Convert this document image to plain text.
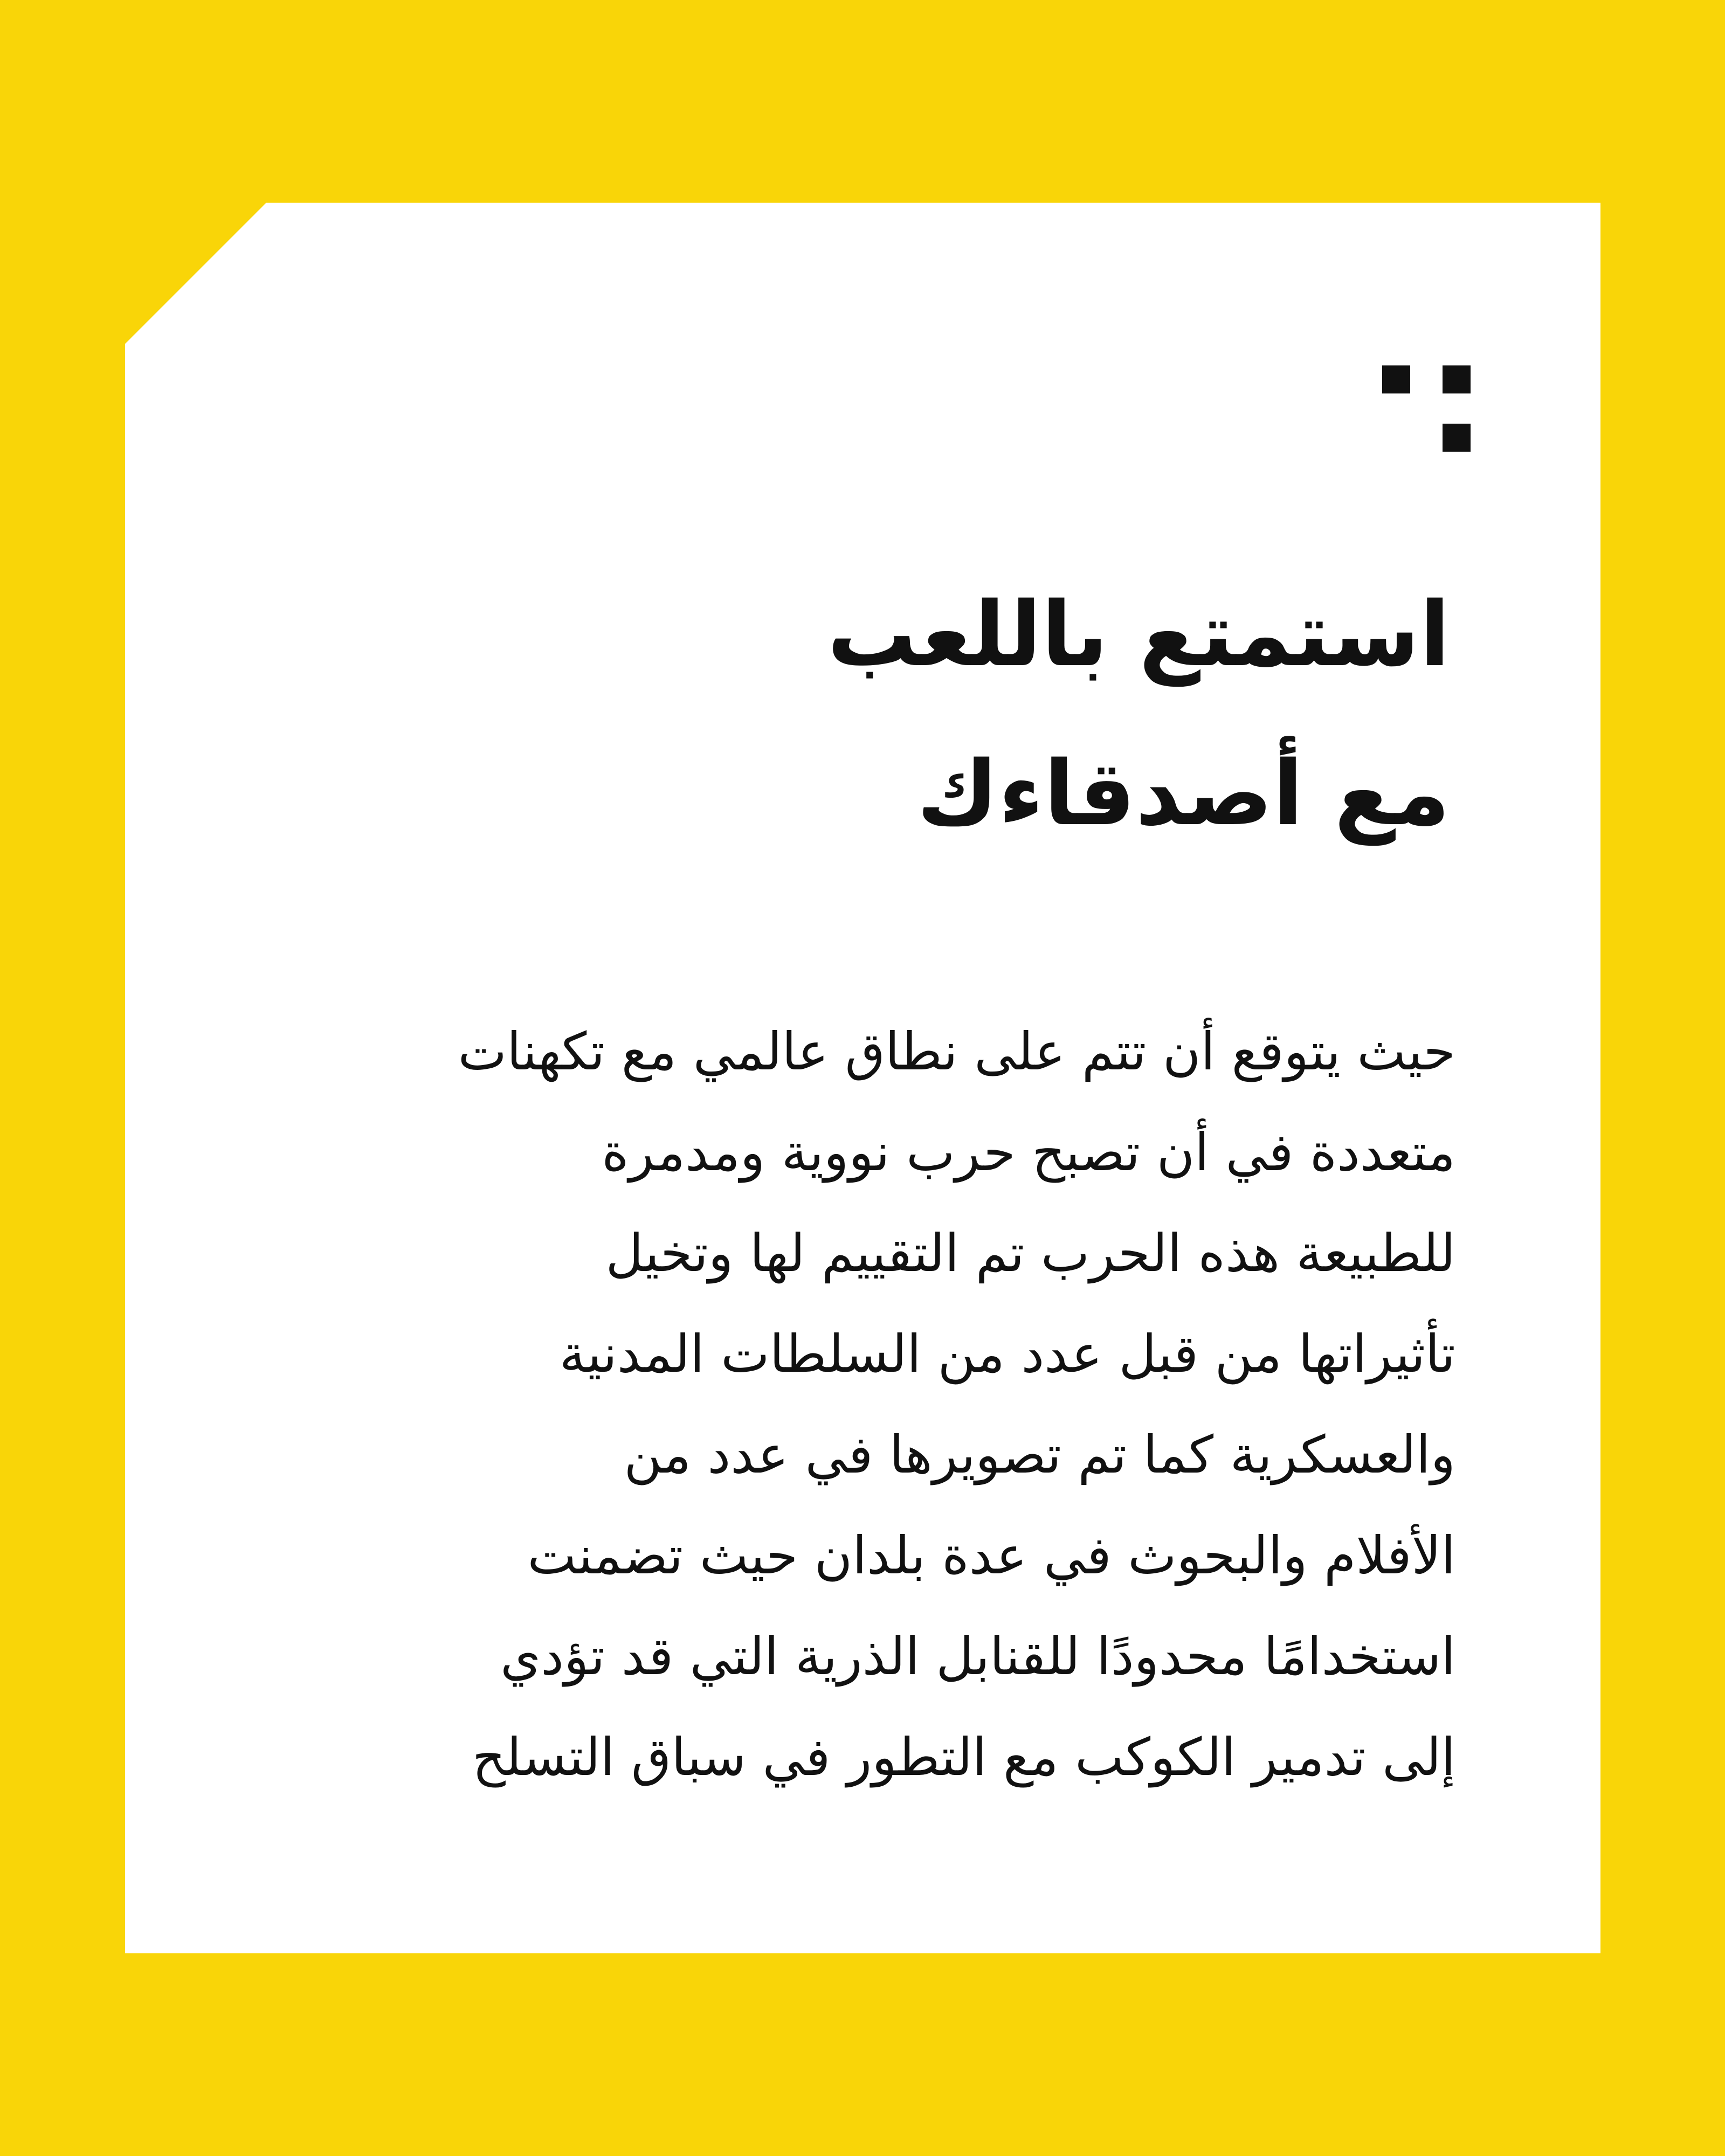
استمتع باللعب
مع أصدقاءك
حيث يتوقع أن تتم على نطاق عالمي مع تكهنات
متعددة في أن تصبح حرب نووية ومدمرة
للطبيعة هذه الحرب تم التقييم لها وتخيل
تأثيراتها من قبل عدد من السلطات المدنية
والعسكرية كما تم تصويرها في عدد من
الأفلام والبحوث في عدة بلدان حيث تضمنت
استخدامًا محدودًا للقنابل الذرية التي قد تؤدي
إلى تدمير الكوكب مع التطور في سباق التسلح
